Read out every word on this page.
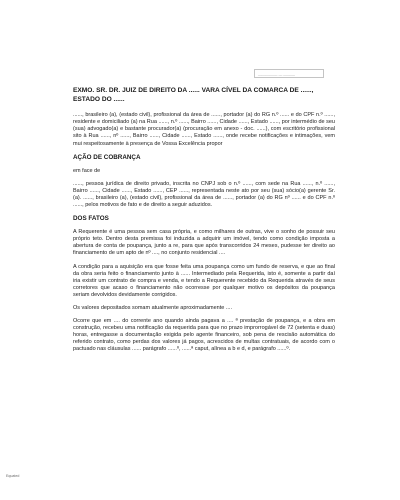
__________ __ ______
EXMO. SR. DR. JUIZ DE DIREITO DA ...... VARA CÍVEL DA COMARCA DE ......, ESTADO DO ......
......, brasileiro (a), (estado civil), profissional da área de ......, portador (a) do RG n.º ...... e do CPF n.º ......, residente e domiciliado (a) na Rua ......, n.º ......, Bairro ......, Cidade ......, Estado ......, por intermédio de seu (sua) advogado(a) e bastante procurador(a) (procuração em anexo - doc. ......), com escritório profissional sito à Rua ......, nº ......, Bairro ......, Cidade ......, Estado ......, onde recebe notificações e intimações, vem mui respeitosamente à presença de Vossa Excelência propor
AÇÃO DE COBRANÇA
em face de
......, pessoa jurídica de direito privado, inscrita no CNPJ sob o n.º ......, com sede na Rua ......, n.º ......, Bairro ......, Cidade ......, Estado ......, CEP ......, representada neste ato por seu (sua) sócio(a) gerente Sr. (a). ......, brasileiro (a), (estado civil), profissional da área de ......, portador (a) do RG nº ...... e do CPF n.º ......, pelos motivos de fato e de direito a seguir aduzidos.
DOS FATOS
A Requerente é uma pessoa sem casa própria, e como milhares de outras, vive o sonho de possuir seu próprio teto. Dentro desta premissa foi induzida a adquirir um imóvel, tendo como condição imposta a abertura de conta de poupança, junto a re, para que após transcorridos 24 meses, pudesse ter direito ao financiamento de um apto de nº ...., no conjunto residencial ....
A condição para a aquisição era que fosse feita uma poupança como um fundo de reserva, e que ao final da obra seria feito o financiamento junto à ...... Intermediado pela Requerida, isto é, somente a partir daí iria existir um contrato de compra e venda, e tendo a Requerente recebido da Requerida através de seus corretores que acaso o financiamento não ocorresse por qualquer motivo os depósitos da poupança seriam devolvidos devidamente corrigidos.
Os valores depositados somam atualmente aproximadamente ....
Ocorre que em .... do corrente ano quando ainda pagava a .... ª prestação de poupança, e a obra em construção, recebeu uma notificação da requerida para que no prazo improrrogável de 72 (setenta e duas) horas, entregasse a documentação exigida pelo agente financeiro, sob pena de rescisão automática do referido contrato, como perdas dos valores já pagos, acrescidos de multas contratuais, de acordo com o pactuado nas cláusulas ...... parágrafo ......º, ......ª caput, alínea a b e d, e parágrafo ......º.
Equated
